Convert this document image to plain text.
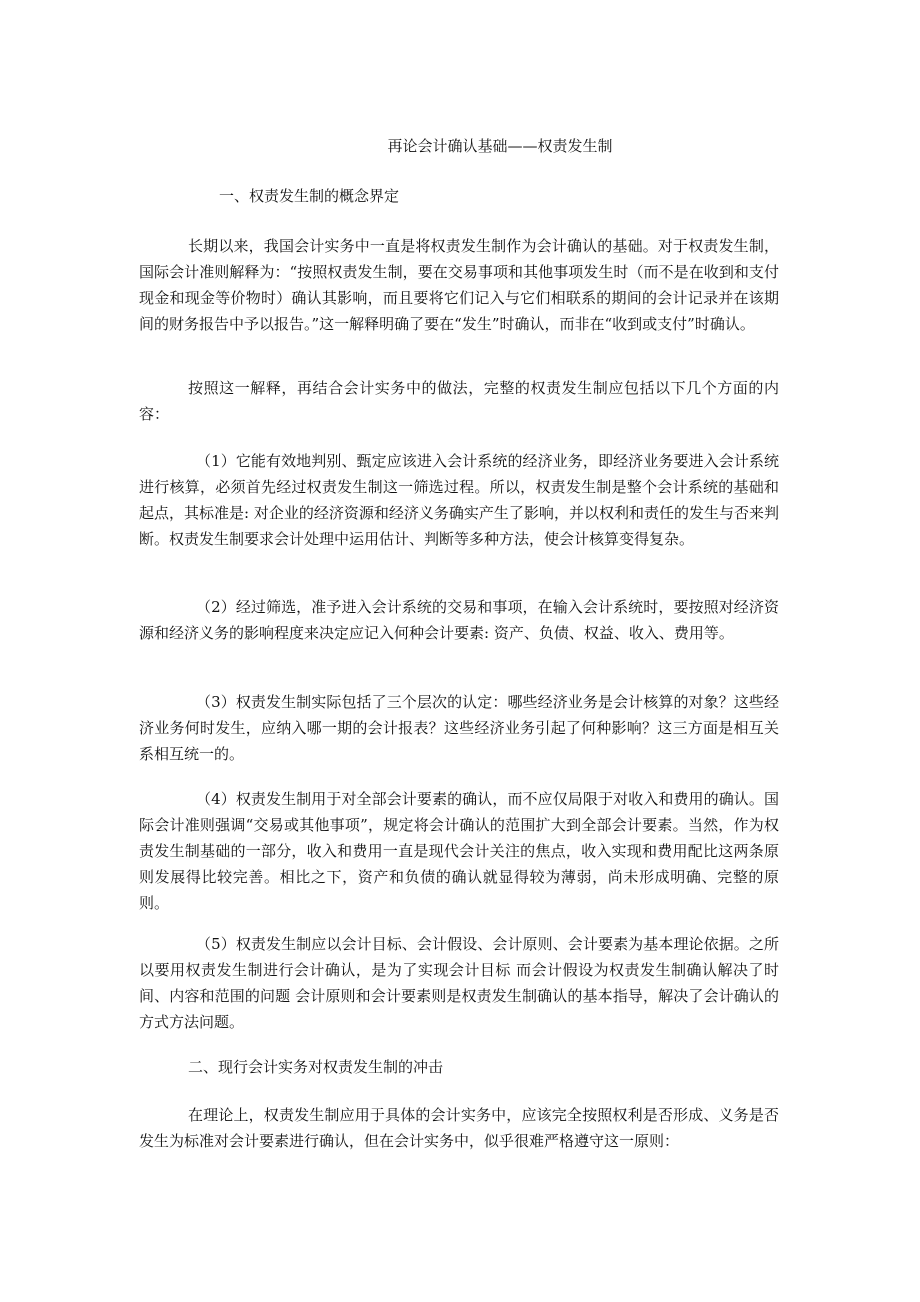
再论会计确认基础——权责发生制
一、权责发生制的概念界定

长期以来，我国会计实务中一直是将权责发生制作为会计确认的基础。对于权责发生制，国际会计准则解释为：“按照权责发生制，要在交易事项和其他事项发生时（而不是在收到和支付现金和现金等价物时）确认其影响，而且要将它们记入与它们相联系的期间的会计记录并在该期间的财务报告中予以报告。”这一解释明确了要在“发生”时确认，而非在“收到或支付”时确认。

按照这一解释，再结合会计实务中的做法，完整的权责发生制应包括以下几个方面的内容：

（1）它能有效地判别、甄定应该进入会计系统的经济业务，即经济业务要进入会计系统进行核算，必须首先经过权责发生制这一筛选过程。所以，权责发生制是整个会计系统的基础和起点，其标准是: 对企业的经济资源和经济义务确实产生了影响，并以权利和责任的发生与否来判断。权责发生制要求会计处理中运用估计、判断等多种方法，使会计核算变得复杂。

（2）经过筛选，准予进入会计系统的交易和事项，在输入会计系统时，要按照对经济资源和经济义务的影响程度来决定应记入何种会计要素: 资产、负债、权益、收入、费用等。

（3）权责发生制实际包括了三个层次的认定：哪些经济业务是会计核算的对象？这些经济业务何时发生，应纳入哪一期的会计报表？这些经济业务引起了何种影响？这三方面是相互关系相互统一的。

（4）权责发生制用于对全部会计要素的确认，而不应仅局限于对收入和费用的确认。国际会计准则强调“交易或其他事项”，规定将会计确认的范围扩大到全部会计要素。当然，作为权责发生制基础的一部分，收入和费用一直是现代会计关注的焦点，收入实现和费用配比这两条原则发展得比较完善。相比之下，资产和负债的确认就显得较为薄弱，尚未形成明确、完整的原则。

（5）权责发生制应以会计目标、会计假设、会计原则、会计要素为基本理论依据。之所以要用权责发生制进行会计确认，是为了实现会计目标 而会计假设为权责发生制确认解决了时间、内容和范围的问题 会计原则和会计要素则是权责发生制确认的基本指导，解决了会计确认的方式方法问题。

二、现行会计实务对权责发生制的冲击

在理论上，权责发生制应用于具体的会计实务中，应该完全按照权利是否形成、义务是否发生为标准对会计要素进行确认，但在会计实务中，似乎很难严格遵守这一原则：
